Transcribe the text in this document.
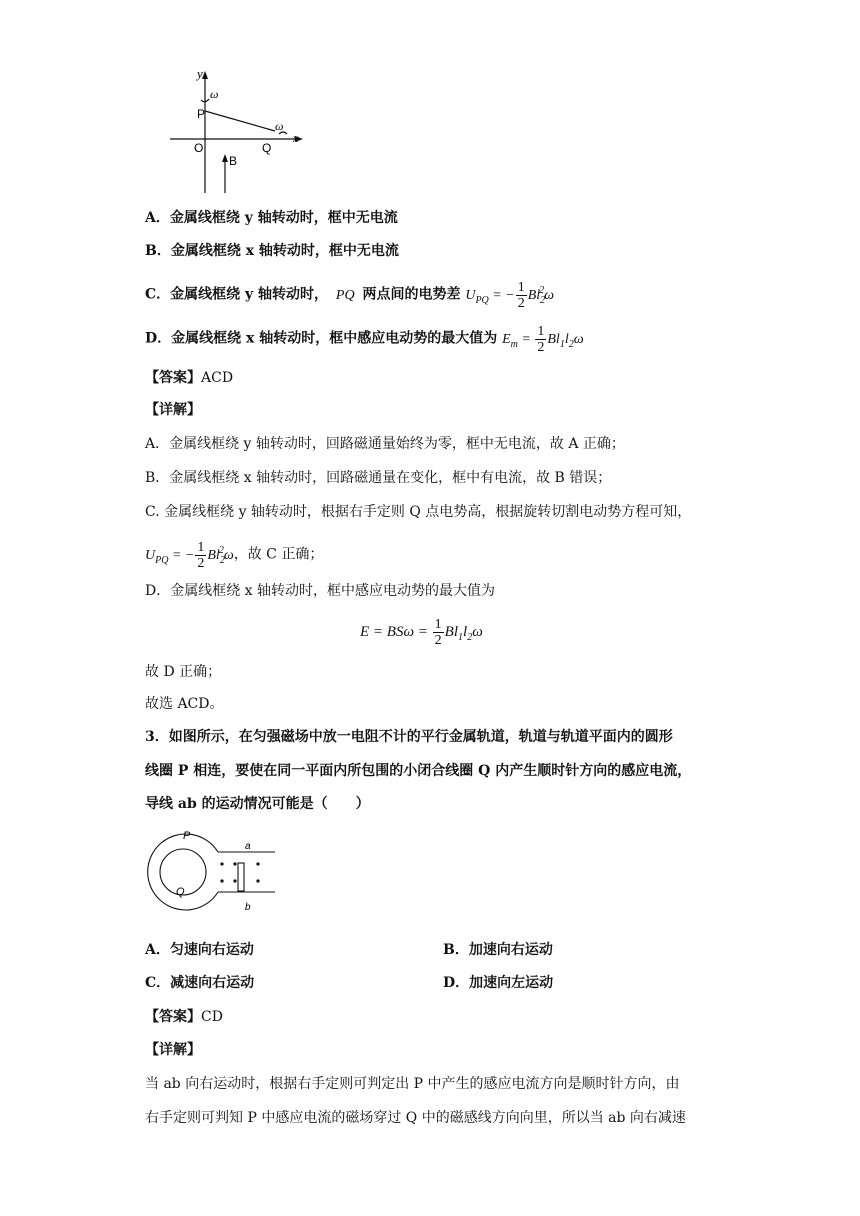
y
ω
P
O	Q
ω
x
B
A．金属线框绕 y 轴转动时，框中无电流
B．金属线框绕 x 轴转动时，框中无电流
C．金属线框绕 y 轴转动时， PQ 两点间的电势差 $U_{PQ}$ = − $\frac{1}{2} Bl_2^2\omega$
D．金属线框绕 x 轴转动时，框中感应电动势的最大值为 $E_m = \frac{1}{2} Bl_1l_2\omega$
【答案】ACD
【详解】
A．金属线框绕 y 轴转动时，回路磁通量始终为零，框中无电流，故 A 正确；
B．金属线框绕 x 轴转动时，回路磁通量在变化，框中有电流，故 B 错误；
C. 金属线框绕 y 轴转动时，根据右手定则 Q 点电势高，根据旋转切割电动势方程可知，
$U_{PQ}$ = − $\frac{1}{2} Bl_2^2\omega$，故 C 正确；
D．金属线框绕 x 轴转动时，框中感应电动势的最大值为
$E = BS\omega = \frac{1}{2} Bl_1l_2\omega$
故 D 正确；
故选 ACD。
3．如图所示，在匀强磁场中放一电阻不计的平行金属轨道，轨道与轨道平面内的圆形
线圈 P 相连，要使在同一平面内所包围的小闭合线圈 Q 内产生顺时针方向的感应电流，
导线 ab 的运动情况可能是（　　）
P
Q
a
b
A．匀速向右运动	B．加速向右运动
C．减速向右运动	D．加速向左运动
【答案】CD
【详解】
当 ab 向右运动时，根据右手定则可判定出 P 中产生的感应电流方向是顺时针方向，由
右手定则可判知 P 中感应电流的磁场穿过 Q 中的磁感线方向向里，所以当 ab 向右减速
